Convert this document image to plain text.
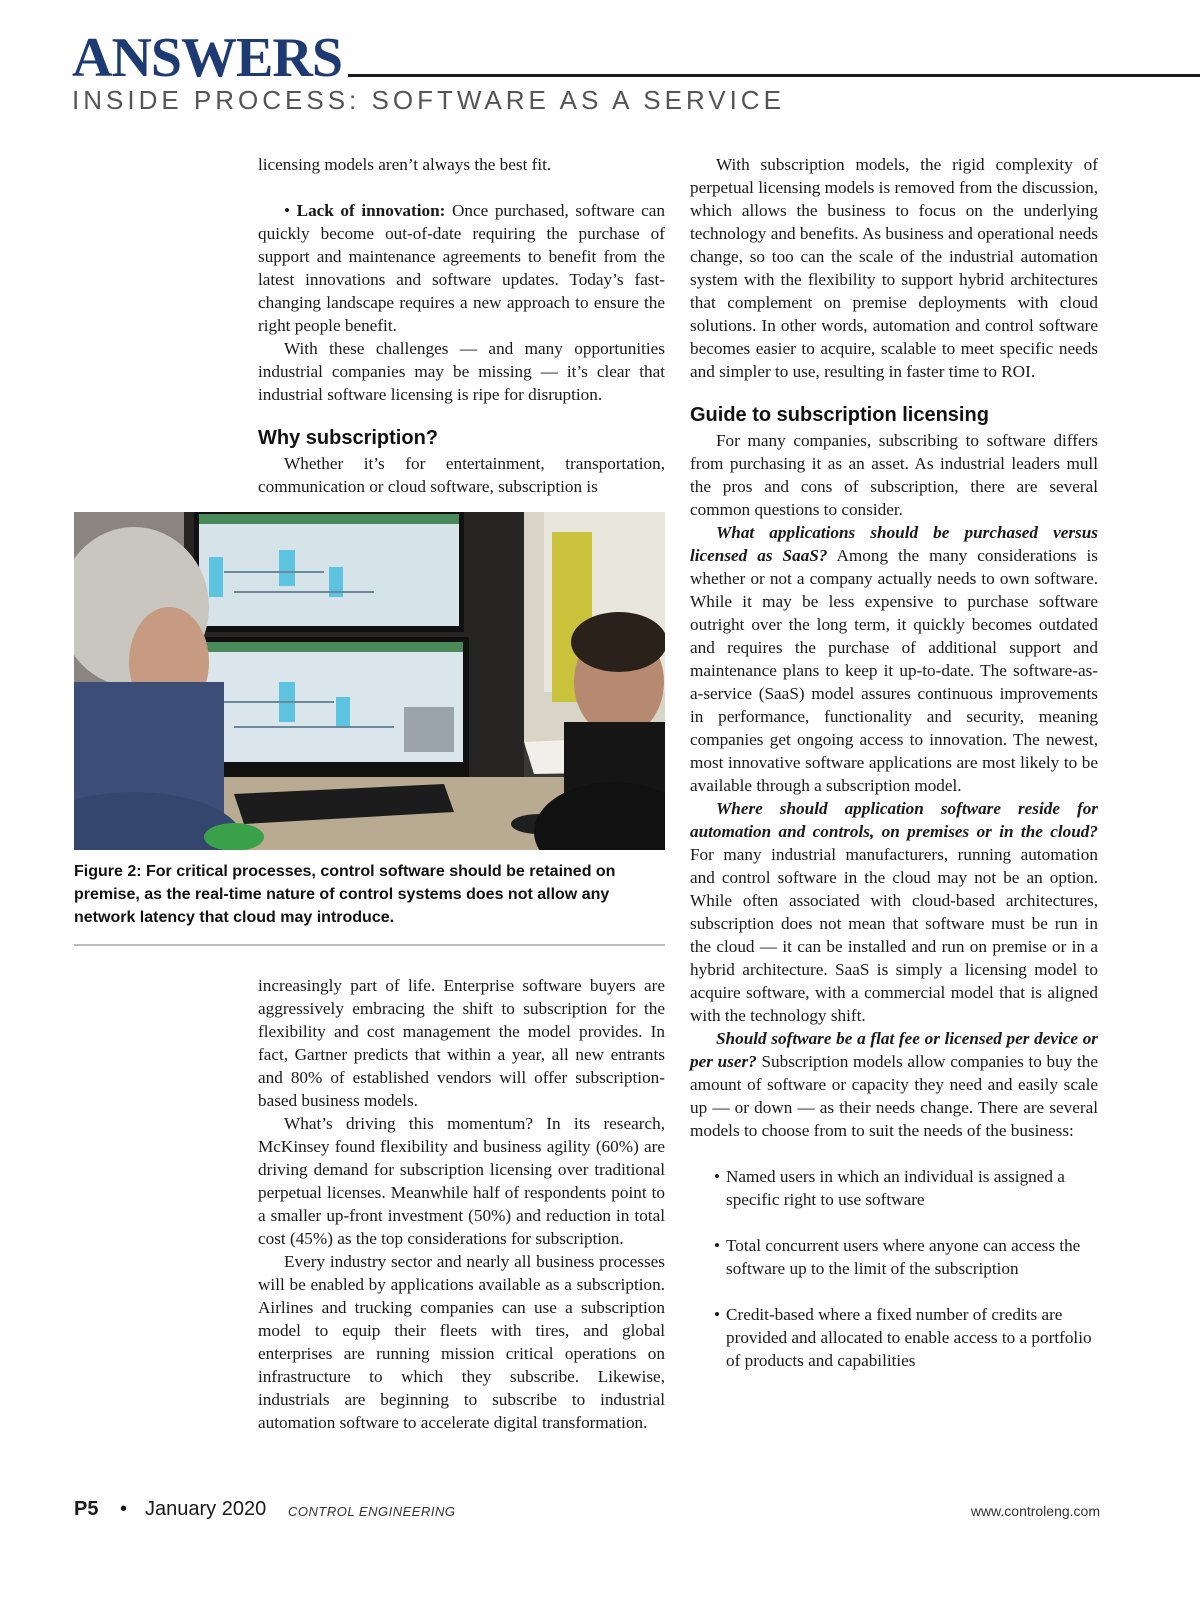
ANSWERS
INSIDE PROCESS: SOFTWARE AS A SERVICE

licensing models aren’t always the best fit.

• Lack of innovation: Once purchased, software can quickly become out-of-date requiring the purchase of support and maintenance agreements to benefit from the latest innovations and software updates. Today’s fast-changing landscape requires a new approach to ensure the right people benefit.

With these challenges — and many opportunities industrial companies may be missing — it’s clear that industrial software licensing is ripe for disruption.

Why subscription?

Whether it’s for entertainment, transportation, communication or cloud software, subscription is

Figure 2: For critical processes, control software should be retained on premise, as the real-time nature of control systems does not allow any network latency that cloud may introduce.

increasingly part of life. Enterprise software buyers are aggressively embracing the shift to subscription for the flexibility and cost management the model provides. In fact, Gartner predicts that within a year, all new entrants and 80% of established vendors will offer subscription-based business models.

What’s driving this momentum? In its research, McKinsey found flexibility and business agility (60%) are driving demand for subscription licensing over traditional perpetual licenses. Meanwhile half of respondents point to a smaller up-front investment (50%) and reduction in total cost (45%) as the top considerations for subscription.

Every industry sector and nearly all business processes will be enabled by applications available as a subscription. Airlines and trucking companies can use a subscription model to equip their fleets with tires, and global enterprises are running mission critical operations on infrastructure to which they subscribe. Likewise, industrials are beginning to subscribe to industrial automation software to accelerate digital transformation.

With subscription models, the rigid complexity of perpetual licensing models is removed from the discussion, which allows the business to focus on the underlying technology and benefits. As business and operational needs change, so too can the scale of the industrial automation system with the flexibility to support hybrid architectures that complement on premise deployments with cloud solutions. In other words, automation and control software becomes easier to acquire, scalable to meet specific needs and simpler to use, resulting in faster time to ROI.

Guide to subscription licensing

For many companies, subscribing to software differs from purchasing it as an asset. As industrial leaders mull the pros and cons of subscription, there are several common questions to consider.

What applications should be purchased versus licensed as SaaS? Among the many considerations is whether or not a company actually needs to own software. While it may be less expensive to purchase software outright over the long term, it quickly becomes outdated and requires the purchase of additional support and maintenance plans to keep it up-to-date. The software-as-a-service (SaaS) model assures continuous improvements in performance, functionality and security, meaning companies get ongoing access to innovation. The newest, most innovative software applications are most likely to be available through a subscription model.

Where should application software reside for automation and controls, on premises or in the cloud? For many industrial manufacturers, running automation and control software in the cloud may not be an option. While often associated with cloud-based architectures, subscription does not mean that software must be run in the cloud — it can be installed and run on premise or in a hybrid architecture. SaaS is simply a licensing model to acquire software, with a commercial model that is aligned with the technology shift.

Should software be a flat fee or licensed per device or per user? Subscription models allow companies to buy the amount of software or capacity they need and easily scale up — or down — as their needs change. There are several models to choose from to suit the needs of the business:

• Named users in which an individual is assigned a specific right to use software
• Total concurrent users where anyone can access the software up to the limit of the subscription
• Credit-based where a fixed number of credits are provided and allocated to enable access to a portfolio of products and capabilities
P5 • January 2020 CONTROL ENGINEERING	www.controleng.com
